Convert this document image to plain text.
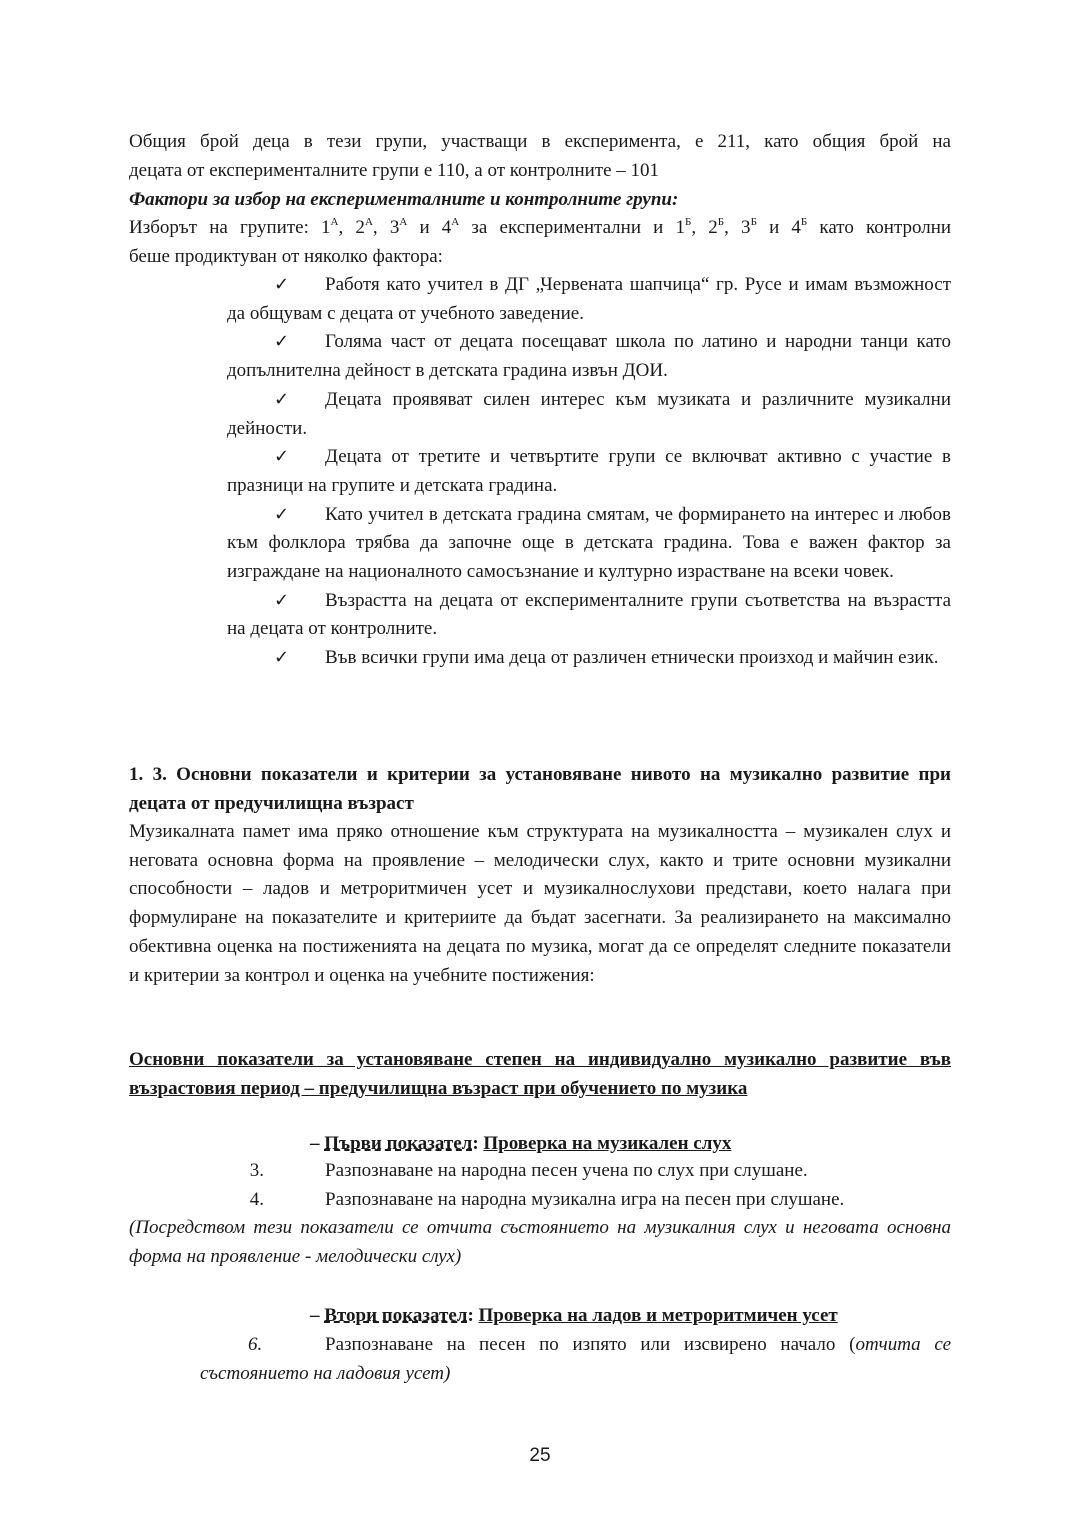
Общия брой деца в тези групи, участващи в експеримента, е 211, като общия брой на
децата от експерименталните групи е 110, а от контролните – 101
Фактори за избор на експерименталните и контролните групи:
Изборът на групите: $1^А$, $2^А$, $3^А$ и $4^А$ за експериментални и $1^Б$, $2^Б$, $3^Б$ и $4^Б$ като контролни
беше продиктуван от няколко фактора:
✓ Работя като учител в ДГ „Червената шапчица“ гр. Русе и имам възможност да общувам с децата от учебното заведение.
✓ Голяма част от децата посещават школа по латино и народни танци като допълнителна дейност в детската градина извън ДОИ.
✓ Децата проявяват силен интерес към музиката и различните музикални дейности.
✓ Децата от третите и четвъртите групи се включват активно с участие в празници на групите и детската градина.
✓ Като учител в детската градина смятам, че формирането на интерес и любов към фолклора трябва да започне още в детската градина. Това е важен фактор за изграждане на националното самосъзнание и културно израстване на всеки човек.
✓ Възрастта на децата от експерименталните групи съответства на възрастта на децата от контролните.
✓ Във всички групи има деца от различен етнически произход и майчин език.
1. 3. Основни показатели и критерии за установяване нивото на музикално развитие при децата от предучилищна възраст
Музикалната памет има пряко отношение към структурата на музикалността – музикален слух и неговата основна форма на проявление – мелодически слух, както и трите основни музикални способности – ладов и метроритмичен усет и музикалнослухови представи, което налага при формулиране на показателите и критериите да бъдат засегнати. За реализирането на максимално обективна оценка на постиженията на децата по музика, могат да се определят следните показатели и критерии за контрол и оценка на учебните постижения:
Основни показатели за установяване степен на индивидуално музикално развитие във възрастовия период – предучилищна възраст при обучението по музика
– Първи показател: Проверка на музикален слух
3.	Разпознаване на народна песен учена по слух при слушане.
4.	Разпознаване на народна музикална игра на песен при слушане.
(Посредством тези показатели се отчита състоянието на музикалния слух и неговата основна форма на проявление - мелодически слух)
– Втори показател: Проверка на ладов и метроритмичен усет
6.	Разпознаване на песен по изпято или изсвирено начало (отчита се
състоянието на ладовия усет)
25
